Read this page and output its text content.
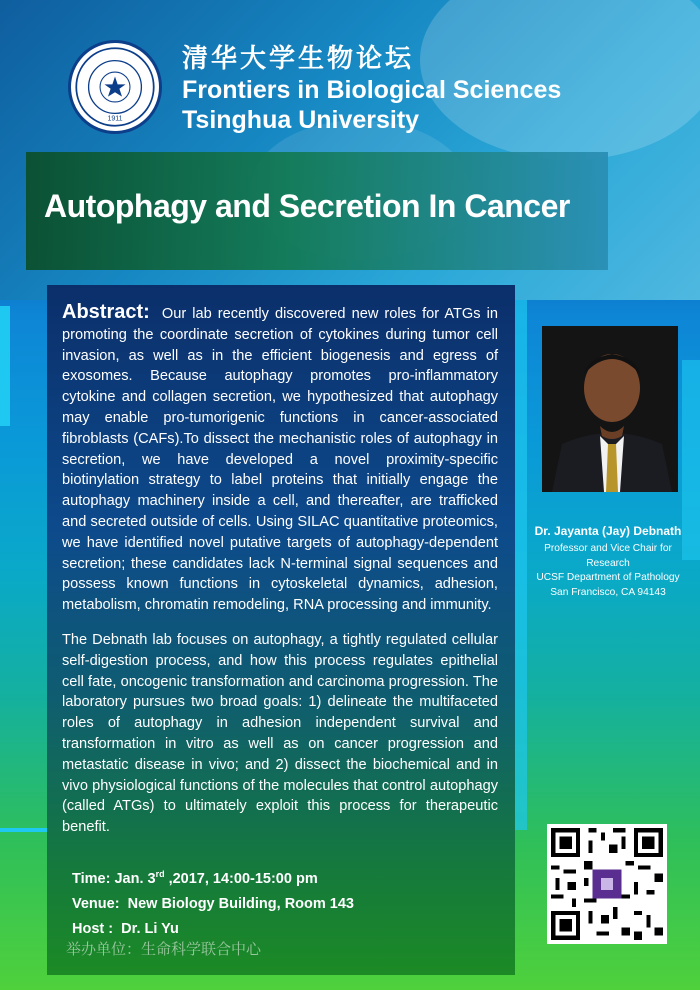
1911
清华大学生物论坛
Frontiers in Biological Sciences
Tsinghua University
Autophagy and Secretion In Cancer
Abstract: Our lab recently discovered new roles for ATGs in promoting the coordinate secretion of cytokines during tumor cell invasion, as well as in the efficient biogenesis and egress of exosomes. Because autophagy promotes pro-inflammatory cytokine and collagen secretion, we hypothesized that autophagy may enable pro-tumorigenic functions in cancer-associated fibroblasts (CAFs).To dissect the mechanistic roles of autophagy in secretion, we have developed a novel proximity-specific biotinylation strategy to label proteins that initially engage the autophagy machinery inside a cell, and thereafter, are trafficked and secreted outside of cells. Using SILAC quantitative proteomics, we have identified novel putative targets of autophagy-dependent secretion; these candidates lack N-terminal signal sequences and possess known functions in cytoskeletal dynamics, adhesion, metabolism, chromatin remodeling, RNA processing and immunity.
The Debnath lab focuses on autophagy, a tightly regulated cellular self-digestion process, and how this process regulates epithelial cell fate, oncogenic transformation and carcinoma progression. The laboratory pursues two broad goals: 1) delineate the multifaceted roles of autophagy in adhesion independent survival and transformation in vitro as well as on cancer progression and metastatic disease in vivo; and 2) dissect the biochemical and in vivo physiological functions of the molecules that control autophagy (called ATGs) to ultimately exploit this process for therapeutic benefit.
Time: Jan. 3rd ,2017, 14:00-15:00 pm
Venue: New Biology Building, Room 143
Host : Dr. Li Yu
举办单位：生命科学联合中心
Dr. Jayanta (Jay) Debnath
Professor and Vice Chair for
Research
UCSF Department of Pathology
San Francisco, CA 94143
